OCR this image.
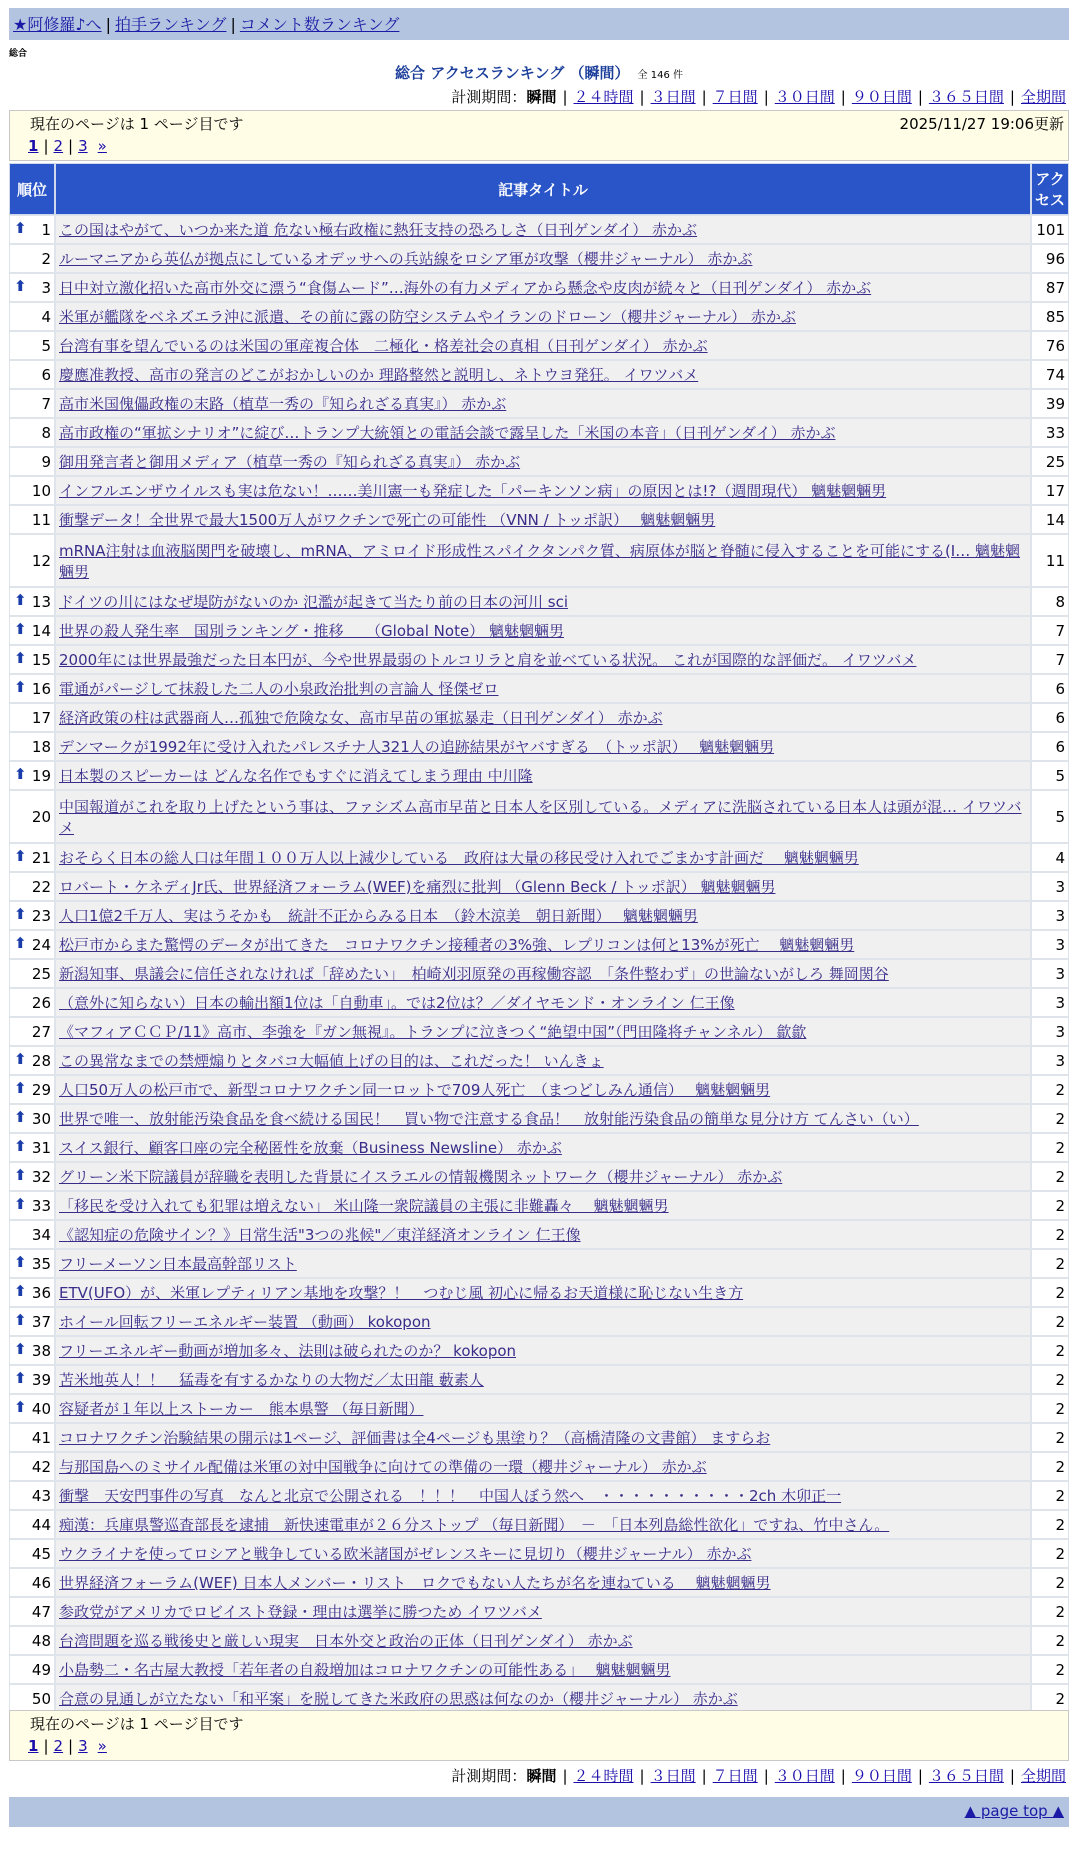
★阿修羅♪へ | 拍手ランキング | コメント数ランキング
総合
総合 アクセスランキング （瞬間） 全 146 件
計測期間：瞬間 | ２４時間 | ３日間 | ７日間 | ３０日間 | ９０日間 | ３６５日間 | 全期間
現在のページは 1 ページ目です	2025/11/27 19:06更新
1 | 2 | 3 »
順位	記事タイトル	アクセス

⬆ 1	この国はやがて、いつか来た道 危ない極右政権に熱狂支持の恐ろしさ（日刊ゲンダイ） 赤かぶ	101
2	ルーマニアから英仏が拠点にしているオデッサへの兵站線をロシア軍が攻撃（櫻井ジャーナル） 赤かぶ	96

⬆ 3	日中対立激化招いた高市外交に漂う“食傷ムード”…海外の有力メディアから懸念や皮肉が続々と（日刊ゲンダイ） 赤かぶ	87
4	米軍が艦隊をベネズエラ沖に派遣、その前に露の防空システムやイランのドローン（櫻井ジャーナル） 赤かぶ	85
5	台湾有事を望んでいるのは米国の軍産複合体　二極化・格差社会の真相（日刊ゲンダイ） 赤かぶ	76
6	慶應准教授、高市の発言のどこがおかしいのか 理路整然と説明し、ネトウヨ発狂。 イワツバメ	74
7	高市米国傀儡政権の末路（植草一秀の『知られざる真実』） 赤かぶ	39
8	高市政権の“軍拡シナリオ”に綻び…トランプ大統領との電話会談で露呈した「米国の本音」（日刊ゲンダイ） 赤かぶ	33
9	御用発言者と御用メディア（植草一秀の『知られざる真実』） 赤かぶ	25
10	インフルエンザウイルスも実は危ない！……美川憲一も発症した「パーキンソン病」の原因とは!?（週間現代） 魑魅魍魎男	17
11	衝撃データ！全世界で最大1500万人がワクチンで死亡の可能性 （VNN / トッポ訳）　 魑魅魍魎男	14
12	mRNA注射は血液脳関門を破壊し、mRNA、アミロイド形成性スパイクタンパク質、病原体が脳と脊髄に侵入することを可能にする(I… 魑魅魍魎男	11

⬆ 13	ドイツの川にはなぜ堤防がないのか 氾濫が起きて当たり前の日本の河川 sci	8

⬆ 14	世界の殺人発生率　国別ランキング・推移　　（Global Note） 魑魅魍魎男	7

⬆ 15	2000年には世界最強だった日本円が、今や世界最弱のトルコリラと肩を並べている状況。 これが国際的な評価だ。 イワツバメ	7

⬆ 16	電通がパージして抹殺した二人の小泉政治批判の言論人 怪傑ゼロ	6
17	経済政策の柱は武器商人…孤独で危険な女、高市早苗の軍拡暴走（日刊ゲンダイ） 赤かぶ	6
18	デンマークが1992年に受け入れたパレスチナ人321人の追跡結果がヤバすぎる　（トッポ訳）　 魑魅魍魎男	6

⬆ 19	日本製のスピーカーは どんな名作でもすぐに消えてしまう理由 中川隆	5
20	中国報道がこれを取り上げたという事は、ファシズム高市早苗と日本人を区別している。メディアに洗脳されている日本人は頭が混… イワツバメ	5

⬆ 21	おそらく日本の総人口は年間１００万人以上減少している　政府は大量の移民受け入れでごまかす計画だ　 魑魅魍魎男	4
22	ロバート・ケネディJr氏、世界経済フォーラム(WEF)を痛烈に批判 （Glenn Beck / トッポ訳） 魑魅魍魎男	3

⬆ 23	人口1億2千万人、実はうそかも　統計不正からみる日本　（鈴木涼美　朝日新聞）　 魑魅魍魎男	3

⬆ 24	松戸市からまた驚愕のデータが出てきた　コロナワクチン接種者の3%強、レプリコンは何と13%が死亡　 魑魅魍魎男	3
25	新潟知事、県議会に信任されなければ「辞めたい」　柏崎刈羽原発の再稼働容認　「条件整わず」の世論ないがしろ 舞岡関谷	3
26	（意外に知らない）日本の輸出額1位は「自動車」。では2位は？／ダイヤモンド・オンライン 仁王像	3
27	《マフィアＣＣＰ/11》高市、李強を『ガン無視』。トランプに泣きつく“絶望中国”（門田隆将チャンネル） 歙歙	3

⬆ 28	この異常なまでの禁煙煽りとタバコ大幅値上げの目的は、これだった！ いんきょ	3

⬆ 29	人口50万人の松戸市で、新型コロナワクチン同一ロットで709人死亡　（まつどしみん通信）　 魑魅魍魎男	2

⬆ 30	世界で唯一、放射能汚染食品を食べ続ける国民！　買い物で注意する食品！　放射能汚染食品の簡単な見分け方 てんさい（い）	2

⬆ 31	スイス銀行、顧客口座の完全秘匿性を放棄（Business Newsline） 赤かぶ	2

⬆ 32	グリーン米下院議員が辞職を表明した背景にイスラエルの情報機関ネットワーク（櫻井ジャーナル） 赤かぶ	2

⬆ 33	「移民を受け入れても犯罪は増えない」 米山隆一衆院議員の主張に非難轟々　 魑魅魍魎男	2
34	《認知症の危険サイン？》日常生活"3つの兆候"／東洋経済オンライン 仁王像	2

⬆ 35	フリーメーソン日本最高幹部リスト	2

⬆ 36	ETV(UFO）が、米軍レプティリアン基地を攻撃？！　つむじ風 初心に帰るお天道様に恥じない生き方	2

⬆ 37	ホイール回転フリーエネルギー装置 （動画） kokopon	2

⬆ 38	フリーエネルギー動画が増加多々、法則は破られたのか？ kokopon	2

⬆ 39	苫米地英人！！　猛毒を有するかなりの大物だ／太田龍 藪素人	2

⬆ 40	容疑者が１年以上ストーカー　熊本県警 （毎日新聞）	2
41	コロナワクチン治験結果の開示は1ページ、評価書は全4ページも黒塗り？（高橋清隆の文書館） ますらお	2
42	与那国島へのミサイル配備は米軍の対中国戦争に向けての準備の一環（櫻井ジャーナル） 赤かぶ	2
43	衝撃　天安門事件の写真　なんと北京で公開される　！！！　中国人ぼう然へ　・・・・・・・・・・2ch 木卯正一	2
44	痴漢：兵庫県警巡査部長を逮捕　新快速電車が２６分ストップ （毎日新聞）　－　「日本列島総性欲化」ですね、竹中さん。	2
45	ウクライナを使ってロシアと戦争している欧米諸国がゼレンスキーに見切り（櫻井ジャーナル） 赤かぶ	2
46	世界経済フォーラム(WEF) 日本人メンバー・リスト　ロクでもない人たちが名を連ねている　 魑魅魍魎男	2
47	参政党がアメリカでロビイスト登録・理由は選挙に勝つため イワツバメ	2
48	台湾問題を巡る戦後史と厳しい現実　日本外交と政治の正体（日刊ゲンダイ） 赤かぶ	2
49	小島勢二・名古屋大教授「若年者の自殺増加はコロナワクチンの可能性ある」　 魑魅魍魎男	2
50	合意の見通しが立たない「和平案」を脱してきた米政府の思惑は何なのか（櫻井ジャーナル） 赤かぶ	2
現在のページは 1 ページ目です
1 | 2 | 3 »
計測期間：瞬間 | ２４時間 | ３日間 | ７日間 | ３０日間 | ９０日間 | ３６５日間 | 全期間
▲ page top ▲
